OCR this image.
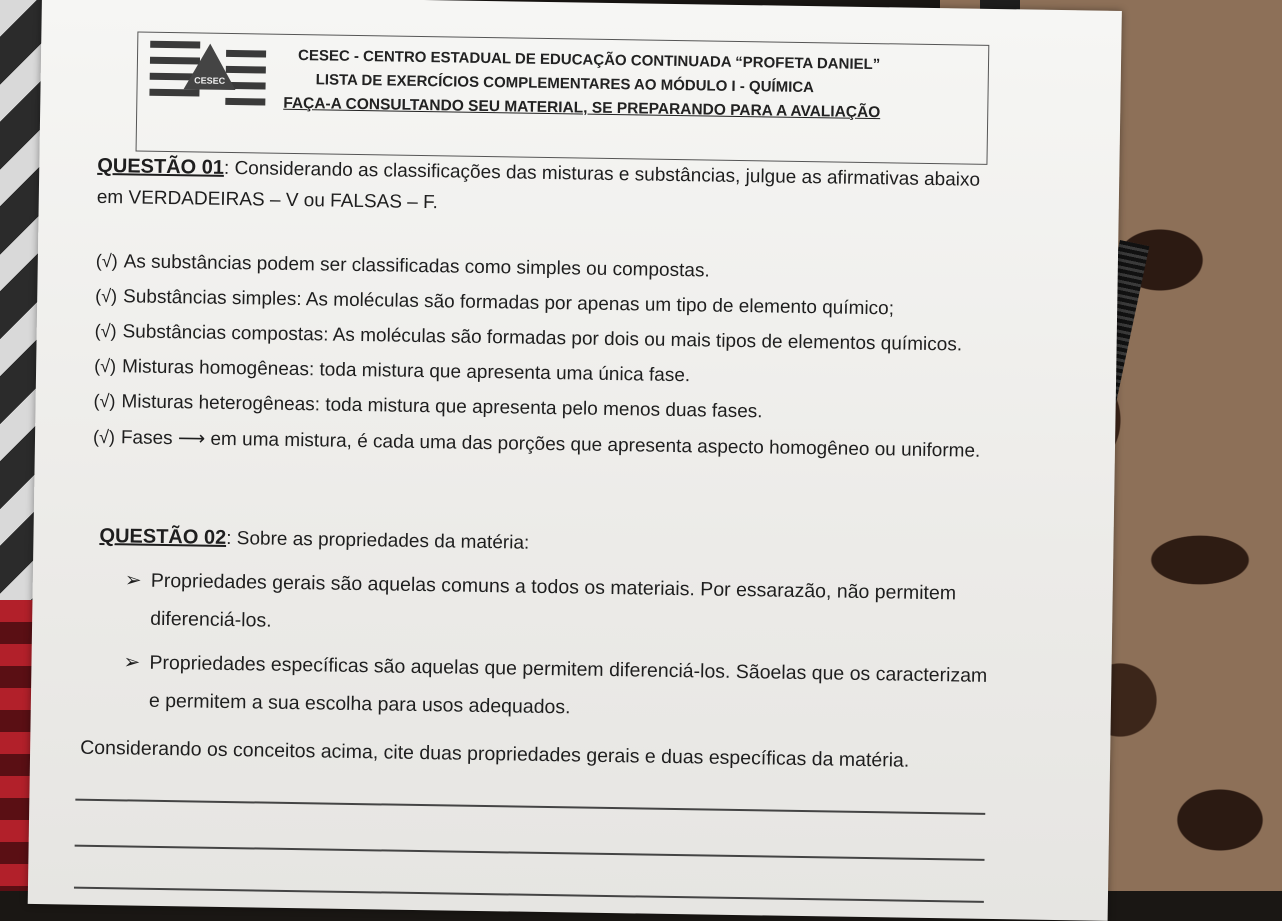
CESEC
CESEC - CENTRO ESTADUAL DE EDUCAÇÃO CONTINUADA “PROFETA DANIEL”
LISTA DE EXERCÍCIOS COMPLEMENTARES AO MÓDULO I - QUÍMICA
FAÇA-A CONSULTANDO SEU MATERIAL, SE PREPARANDO PARA A AVALIAÇÃO
QUESTÃO 01: Considerando as classificações das misturas e substâncias, julgue as afirmativas abaixo
em VERDADEIRAS – V ou FALSAS – F.
(√) As substâncias podem ser classificadas como simples ou compostas.
(√) Substâncias simples: As moléculas são formadas por apenas um tipo de elemento químico;
(√) Substâncias compostas: As moléculas são formadas por dois ou mais tipos de elementos químicos.
(√) Misturas homogêneas: toda mistura que apresenta uma única fase.
(√) Misturas heterogêneas: toda mistura que apresenta pelo menos duas fases.
(√) Fases ⟶ em uma mistura, é cada uma das porções que apresenta aspecto homogêneo ou uniforme.
QUESTÃO 02: Sobre as propriedades da matéria:
➢ Propriedades gerais são aquelas comuns a todos os materiais. Por essarazão, não permitem
diferenciá-los.
➢ Propriedades específicas são aquelas que permitem diferenciá-los. Sãoelas que os caracterizam
e permitem a sua escolha para usos adequados.
Considerando os conceitos acima, cite duas propriedades gerais e duas específicas da matéria.
